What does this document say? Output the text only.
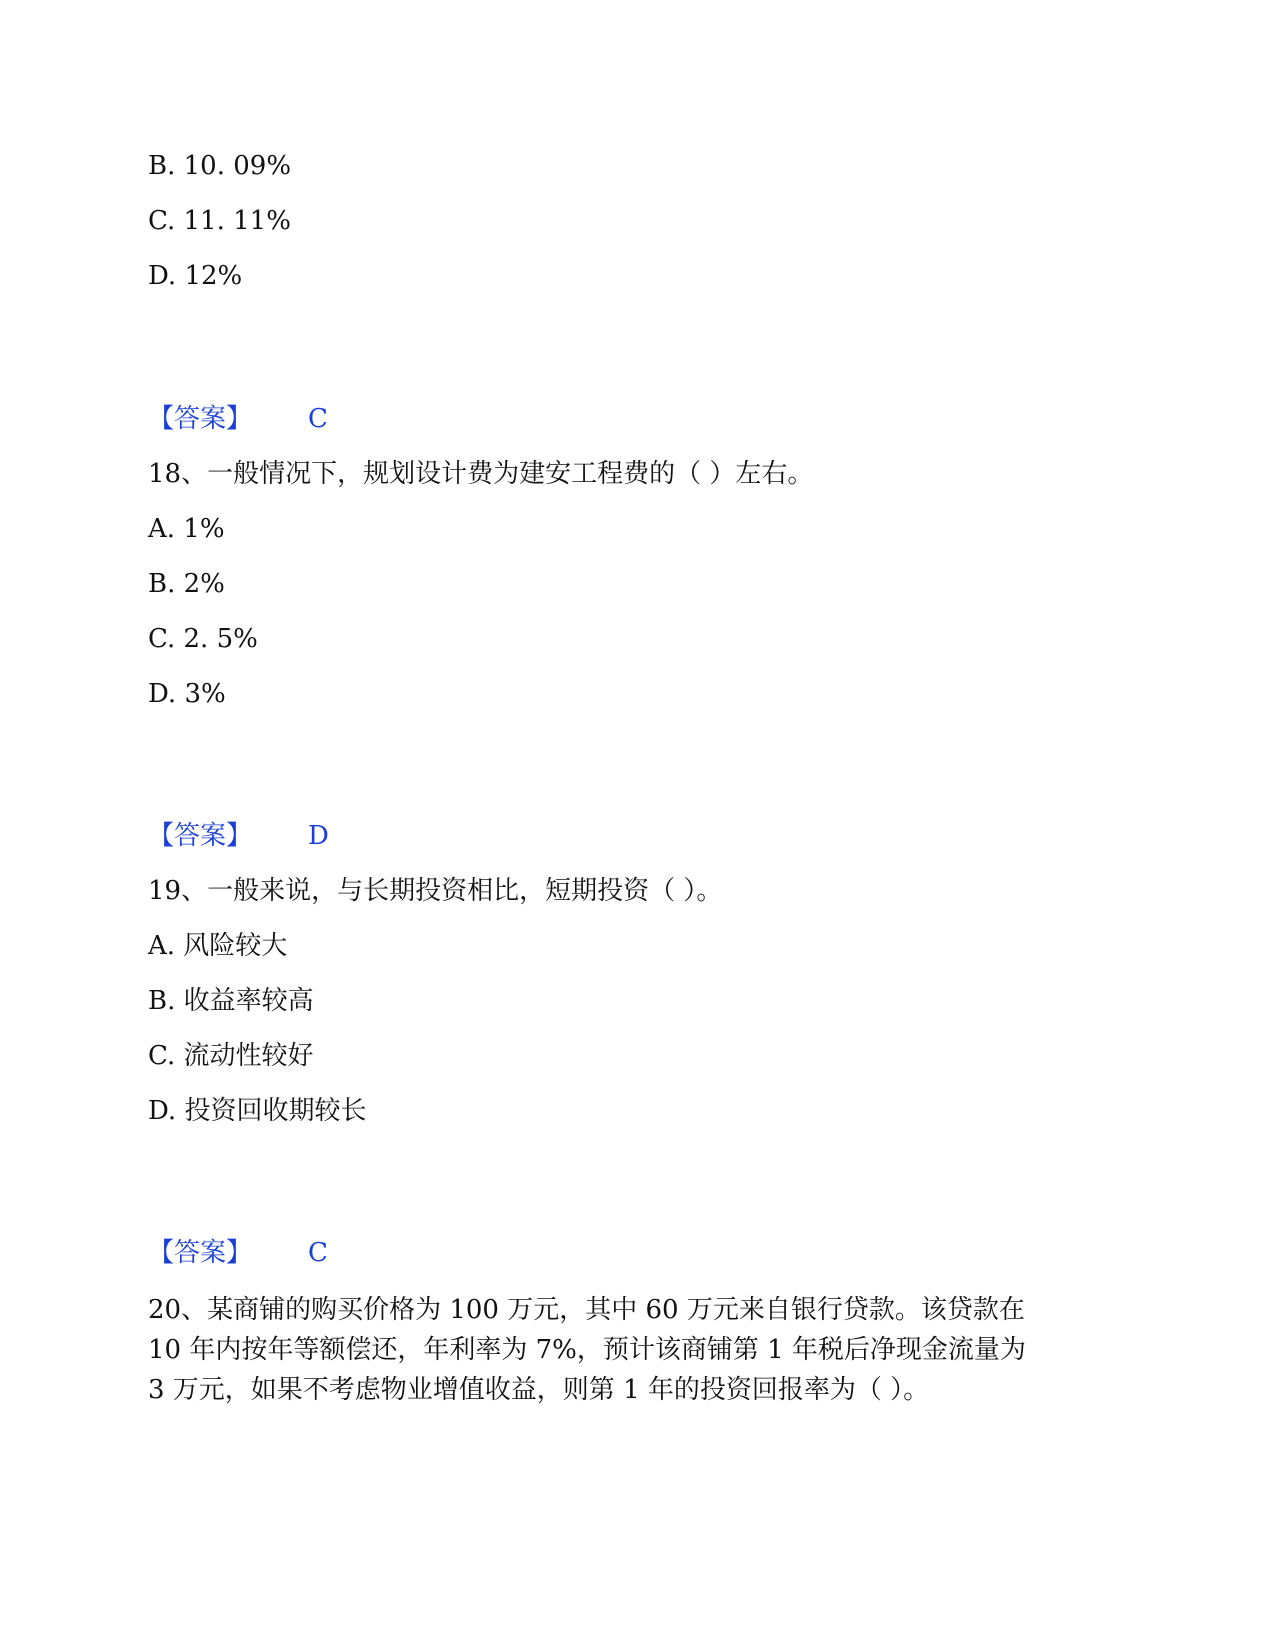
B. 10. 09%
C. 11. 11%
D. 12%
【答案】 C
18、一般情况下，规划设计费为建安工程费的（ ）左右。
A. 1%
B. 2%
C. 2. 5%
D. 3%
【答案】 D
19、一般来说，与长期投资相比，短期投资（ ）。
A. 风险较大
B. 收益率较高
C. 流动性较好
D. 投资回收期较长
【答案】 C
20、某商铺的购买价格为 100 万元，其中 60 万元来自银行贷款。该贷款在
10 年内按年等额偿还，年利率为 7%，预计该商铺第 1 年税后净现金流量为
3 万元，如果不考虑物业增值收益，则第 1 年的投资回报率为（ ）。
